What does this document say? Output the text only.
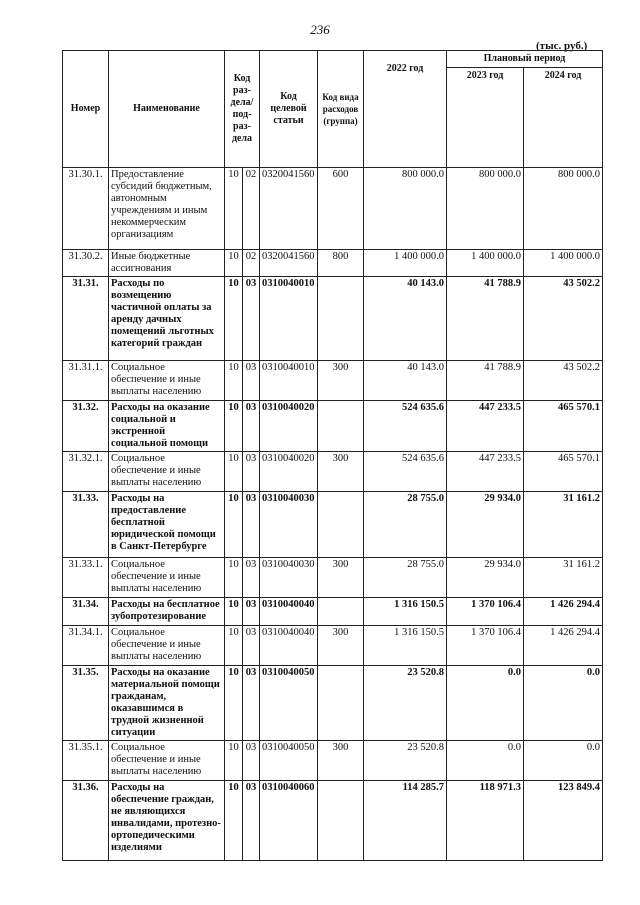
236
(тыс. руб.)
Номер	Наименование	Код раз-дела/ под-раз-дела		Код целевой статьи	Код вида расходов (группа)	2022 год	Плановый период	
							2023 год	2024 год
31.30.1.	Предоставление субсидий бюджетным, автономным учреждениям и иным некоммерческим организациям	10	02	0320041560	600	800 000.0	800 000.0	800 000.0
31.30.2.	Иные бюджетные ассигнования	10	02	0320041560	800	1 400 000.0	1 400 000.0	1 400 000.0
31.31.	Расходы по возмещению частичной оплаты за аренду дачных помещений льготных категорий граждан	10	03	0310040010		40 143.0	41 788.9	43 502.2
31.31.1.	Социальное обеспечение и иные выплаты населению	10	03	0310040010	300	40 143.0	41 788.9	43 502.2
31.32.	Расходы на оказание социальной и экстренной социальной помощи	10	03	0310040020		524 635.6	447 233.5	465 570.1
31.32.1.	Социальное обеспечение и иные выплаты населению	10	03	0310040020	300	524 635.6	447 233.5	465 570.1
31.33.	Расходы на предоставление бесплатной юридической помощи в Санкт-Петербурге	10	03	0310040030		28 755.0	29 934.0	31 161.2
31.33.1.	Социальное обеспечение и иные выплаты населению	10	03	0310040030	300	28 755.0	29 934.0	31 161.2
31.34.	Расходы на бесплатное зубопротезирование	10	03	0310040040		1 316 150.5	1 370 106.4	1 426 294.4
31.34.1.	Социальное обеспечение и иные выплаты населению	10	03	0310040040	300	1 316 150.5	1 370 106.4	1 426 294.4
31.35.	Расходы на оказание материальной помощи гражданам, оказавшимся в трудной жизненной ситуации	10	03	0310040050		23 520.8	0.0	0.0
31.35.1.	Социальное обеспечение и иные выплаты населению	10	03	0310040050	300	23 520.8	0.0	0.0
31.36.	Расходы на обеспечение граждан, не являющихся инвалидами, протезно-ортопедическими изделиями	10	03	0310040060		114 285.7	118 971.3	123 849.4
